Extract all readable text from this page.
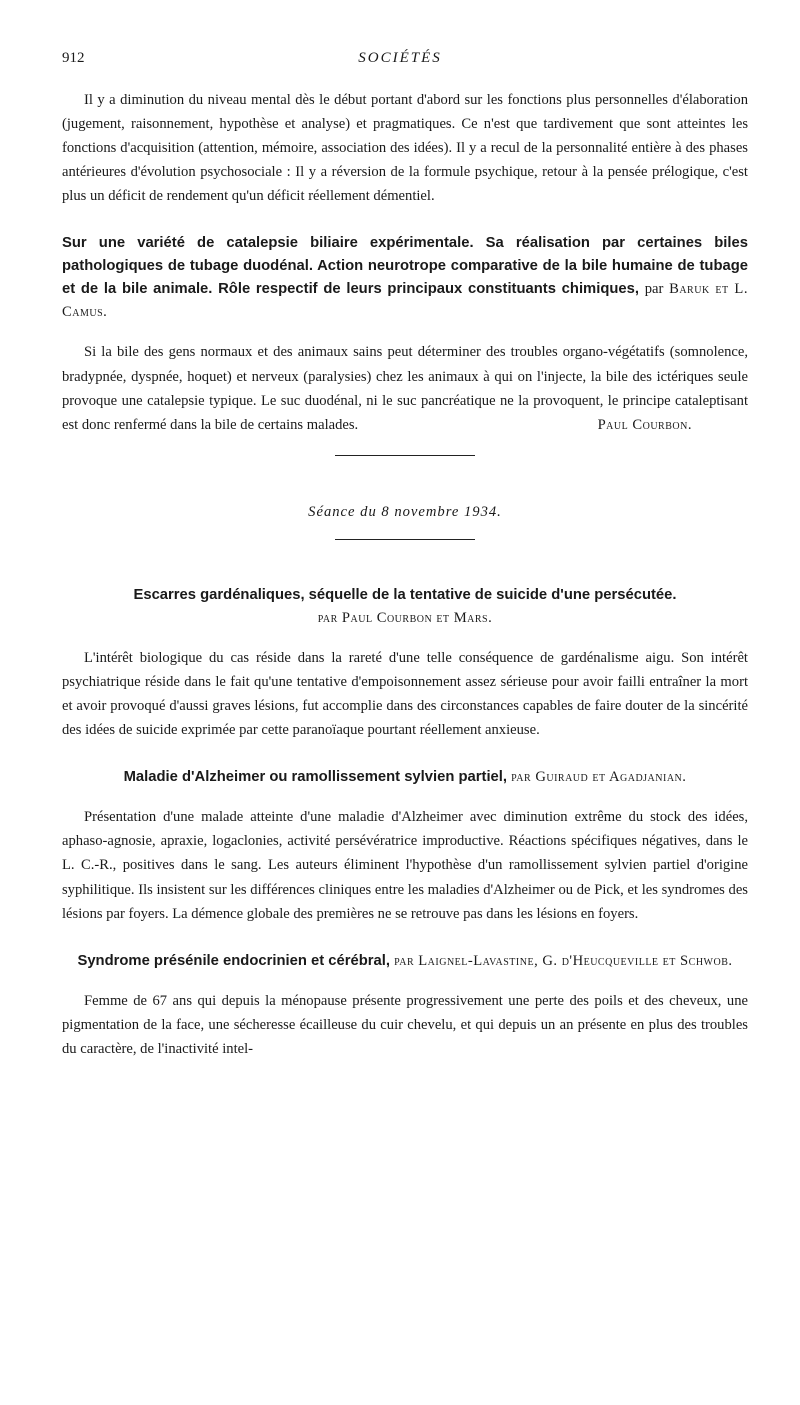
912	SOCIÉTÉS

Il y a diminution du niveau mental dès le début portant d'abord sur les fonctions plus personnelles d'élaboration (jugement, raisonnement, hypothèse et analyse) et pragmatiques. Ce n'est que tardivement que sont atteintes les fonctions d'acquisition (attention, mémoire, association des idées). Il y a recul de la personnalité entière à des phases antérieures d'évolution psychosociale : Il y a réversion de la formule psychique, retour à la pensée prélogique, c'est plus un déficit de rendement qu'un déficit réellement démentiel.

Sur une variété de catalepsie biliaire expérimentale. Sa réalisation par certaines biles pathologiques de tubage duodénal. Action neurotrope comparative de la bile humaine de tubage et de la bile animale. Rôle respectif de leurs principaux constituants chimiques, par Baruk et L. Camus.

Si la bile des gens normaux et des animaux sains peut déterminer des troubles organo-végétatifs (somnolence, bradypnée, dyspnée, hoquet) et nerveux (paralysies) chez les animaux à qui on l'injecte, la bile des ictériques seule provoque une catalepsie typique. Le suc duodénal, ni le suc pancréatique ne la provoquent, le principe cataleptisant est donc renfermé dans la bile de certains malades.	Paul Courbon.

Séance du 8 novembre 1934.
Escarres gardénaliques, séquelle de la tentative de suicide d'une persécutée.
par Paul Courbon et Mars.

L'intérêt biologique du cas réside dans la rareté d'une telle conséquence de gardénalisme aigu. Son intérêt psychiatrique réside dans le fait qu'une tentative d'empoisonnement assez sérieuse pour avoir failli entraîner la mort et avoir provoqué d'aussi graves lésions, fut accomplie dans des circonstances capables de faire douter de la sincérité des idées de suicide exprimée par cette paranoïaque pourtant réellement anxieuse.

Maladie d'Alzheimer ou ramollissement sylvien partiel, par Guiraud et Agadjanian.

Présentation d'une malade atteinte d'une maladie d'Alzheimer avec diminution extrême du stock des idées, aphaso-agnosie, apraxie, logaclonies, activité persévératrice improductive. Réactions spécifiques négatives, dans le L. C.-R., positives dans le sang. Les auteurs éliminent l'hypothèse d'un ramollissement sylvien partiel d'origine syphilitique. Ils insistent sur les différences cliniques entre les maladies d'Alzheimer ou de Pick, et les syndromes des lésions par foyers. La démence globale des premières ne se retrouve pas dans les lésions en foyers.

Syndrome présénile endocrinien et cérébral, par Laignel-Lavastine, G. d'Heucqueville et Schwob.

Femme de 67 ans qui depuis la ménopause présente progressivement une perte des poils et des cheveux, une pigmentation de la face, une sécheresse écailleuse du cuir chevelu, et qui depuis un an présente en plus des troubles du caractère, de l'inactivité intel-
